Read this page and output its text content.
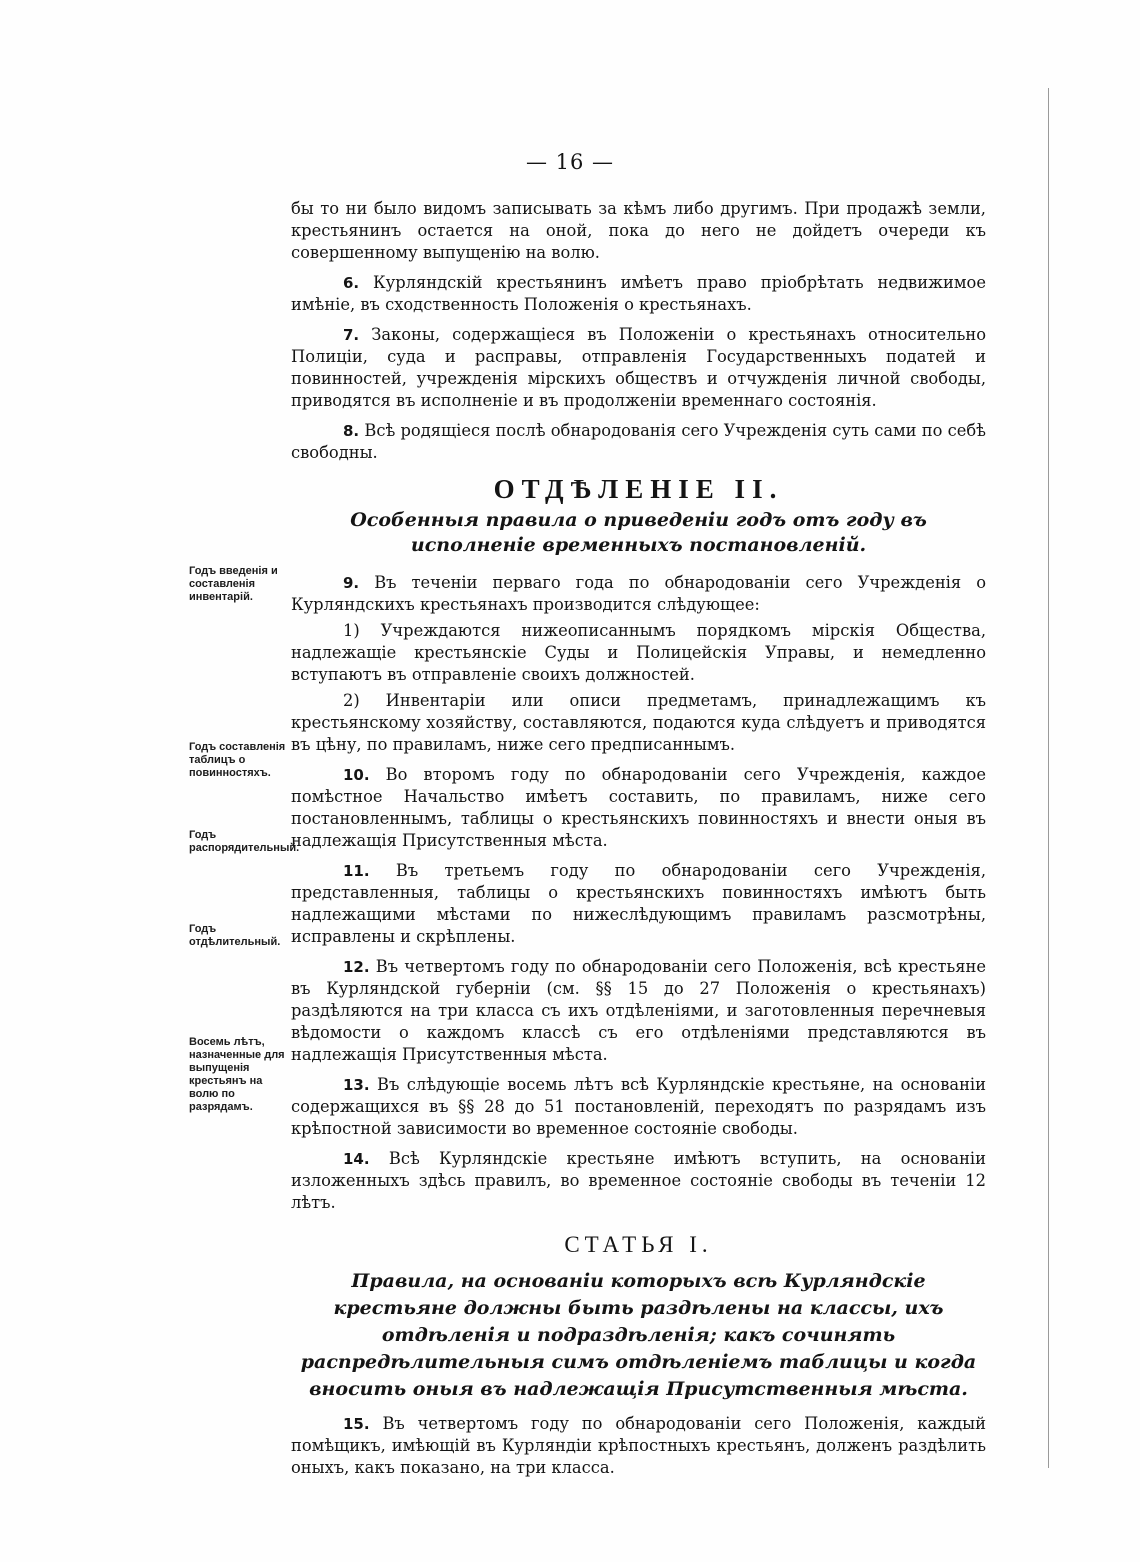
— 16 —
Годъ введенія и составленія инвентарій.
Годъ составленія таблицъ о повинностяхъ.
Годъ распорядительный.
Годъ отдѣлительный.
Восемь лѣтъ, назначенные для выпущенія крестьянъ на волю по разрядамъ.

бы то ни было видомъ записывать за кѣмъ либо другимъ. При продажѣ земли, крестьянинъ остается на оной, пока до него не дойдетъ очереди къ совершенному выпущенію на волю.

6. Курляндскій крестьянинъ имѣетъ право пріобрѣтать недвижимое имѣніе, въ сходственность Положенія о крестьянахъ.

7. Законы, содержащіеся въ Положеніи о крестьянахъ относительно Полиціи, суда и расправы, отправленія Государственныхъ податей и повинностей, учрежденія мірскихъ обществъ и отчужденія личной свободы, приводятся въ исполненіе и въ продолженіи временнаго состоянія.

8. Всѣ родящіеся послѣ обнародованія сего Учрежденія суть сами по себѣ свободны.

ОТДѢЛЕНІЕ II.
Особенныя правила о приведеніи годъ отъ году въ исполненіе временныхъ постановленій.

9. Въ теченіи перваго года по обнародованіи сего Учрежденія о Курляндскихъ крестьянахъ производится слѣдующее:

1) Учреждаются нижеописаннымъ порядкомъ мірскія Общества, надлежащіе крестьянскіе Суды и Полицейскія Управы, и немедленно вступаютъ въ отправленіе своихъ должностей.

2) Инвентаріи или описи предметамъ, принадлежащимъ къ крестьянскому хозяйству, составляются, подаются куда слѣдуетъ и приводятся въ цѣну, по правиламъ, ниже сего предписаннымъ.

10. Во второмъ году по обнародованіи сего Учрежденія, каждое помѣстное Начальство имѣетъ составить, по правиламъ, ниже сего постановленнымъ, таблицы о крестьянскихъ повинностяхъ и внести оныя въ надлежащія Присутственныя мѣста.

11. Въ третьемъ году по обнародованіи сего Учрежденія, представленныя, таблицы о крестьянскихъ повинностяхъ имѣютъ быть надлежащими мѣстами по нижеслѣдующимъ правиламъ разсмотрѣны, исправлены и скрѣплены.

12. Въ четвертомъ году по обнародованіи сего Положенія, всѣ крестьяне въ Курляндской губерніи (см. §§ 15 до 27 Положенія о крестьянахъ) раздѣляются на три класса съ ихъ отдѣленіями, и заготовленныя перечневыя вѣдомости о каждомъ классѣ съ его отдѣленіями представляются въ надлежащія Присутственныя мѣста.

13. Въ слѣдующіе восемь лѣтъ всѣ Курляндскіе крестьяне, на основаніи содержащихся въ §§ 28 до 51 постановленій, переходятъ по разрядамъ изъ крѣпостной зависимости во временное состояніе свободы.

14. Всѣ Курляндскіе крестьяне имѣютъ вступить, на основаніи изложенныхъ здѣсь правилъ, во временное состояніе свободы въ теченіи 12 лѣтъ.

СТАТЬЯ I.
Правила, на основаніи которыхъ всѣ Курляндскіе крестьяне должны быть раздѣлены на классы, ихъ отдѣленія и подраздѣленія; какъ сочинять распредѣлительныя симъ отдѣленіемъ таблицы и когда вносить оныя въ надлежащія Присутственныя мѣста.

15. Въ четвертомъ году по обнародованіи сего Положенія, каждый помѣщикъ, имѣющій въ Курляндіи крѣпостныхъ крестьянъ, долженъ раздѣлить оныхъ, какъ показано, на три класса.
